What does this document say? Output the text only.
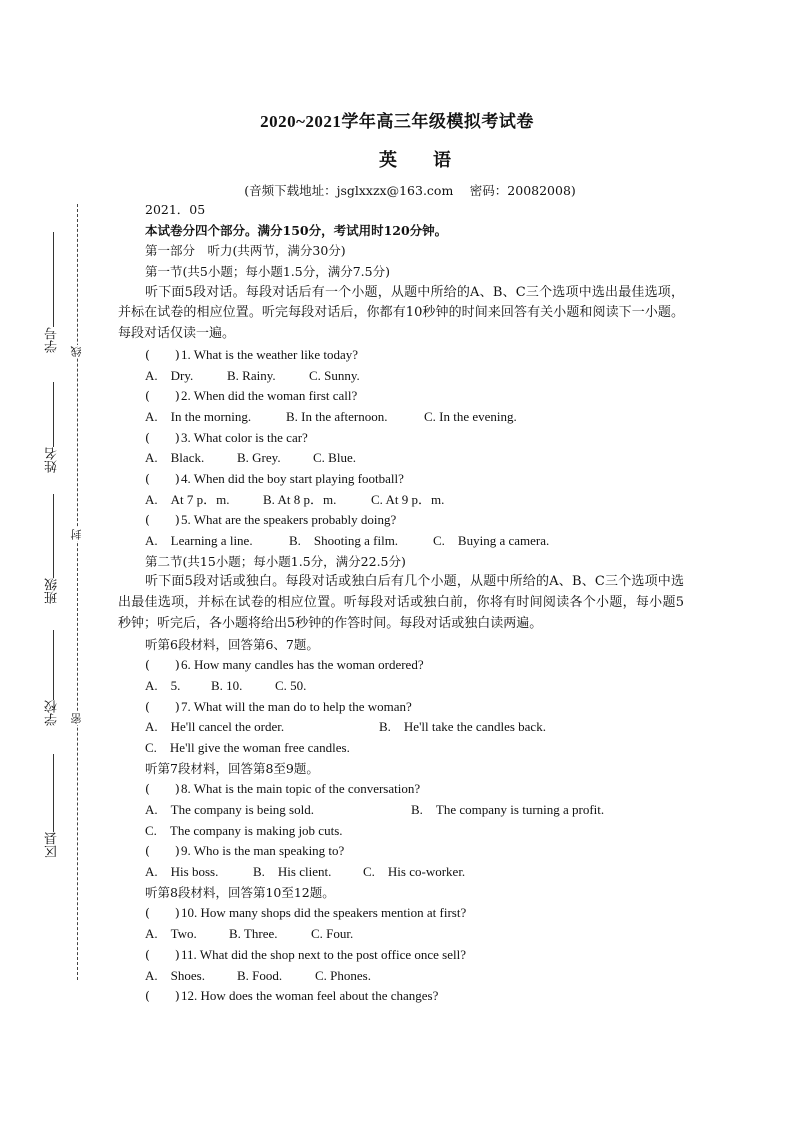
2020~2021学年高三年级模拟考试卷
英　　语
(音频下载地址：jsglxxzx@163.com　 密码：20082008)
学号
姓名
班级
学校
区县
线
封
密
2021．05
本试卷分四个部分。满分150分，考试用时120分钟。
第一部分　听力(共两节，满分30分)
第一节(共5小题；每小题1.5分，满分7.5分)

听下面5段对话。每段对话后有一个小题，从题中所给的A、B、C三个选项中选出最佳选项，并标在试卷的相应位置。听完每段对话后，你都有10秒钟的时间来回答有关小题和阅读下一小题。每段对话仅读一遍。

(　　)1. What is the weather like today?
A.　Dry.	B. Rainy.	C. Sunny.
(　　)2. When did the woman first call?
A.　In the morning.	B. In the afternoon.	C. In the evening.
(　　)3. What color is the car?
A.　Black.	B. Grey. C. Blue.
(　　)4. When did the boy start playing football?
A.　At 7 p．m.	B. At 8 p．m.	C. At 9 p．m.
(　　)5. What are the speakers probably doing?
A.　Learning a line.	B.　Shooting a film.	C.　Buying a camera.
第二节(共15小题；每小题1.5分，满分22.5分)

听下面5段对话或独白。每段对话或独白后有几个小题，从题中所给的A、B、C三个选项中选出最佳选项，并标在试卷的相应位置。听每段对话或独白前，你将有时间阅读各个小题，每小题5秒钟；听完后，各小题将给出5秒钟的作答时间。每段对话或独白读两遍。

听第6段材料，回答第6、7题。
(　　)6. How many candles has the woman ordered?
A.　5. B. 10.	C. 50.
(　　)7. What will the man do to help the woman?
A.　He'll cancel the order.	B.　He'll take the candles back.
C.　He'll give the woman free candles.
听第7段材料，回答第8至9题。
(　　)8. What is the main topic of the conversation?
A.　The company is being sold.	B.　The company is turning a profit.
C.　The company is making job cuts.
(　　)9. Who is the man speaking to?
A.　His boss.	B.　His client. C.　His co-worker.
听第8段材料，回答第10至12题。
(　　)10. How many shops did the speakers mention at first?
A.　Two. B. Three.	C. Four.
(　　)11. What did the shop next to the post office once sell?
A.　Shoes. B. Food.	C. Phones.
(　　)12. How does the woman feel about the changes?
